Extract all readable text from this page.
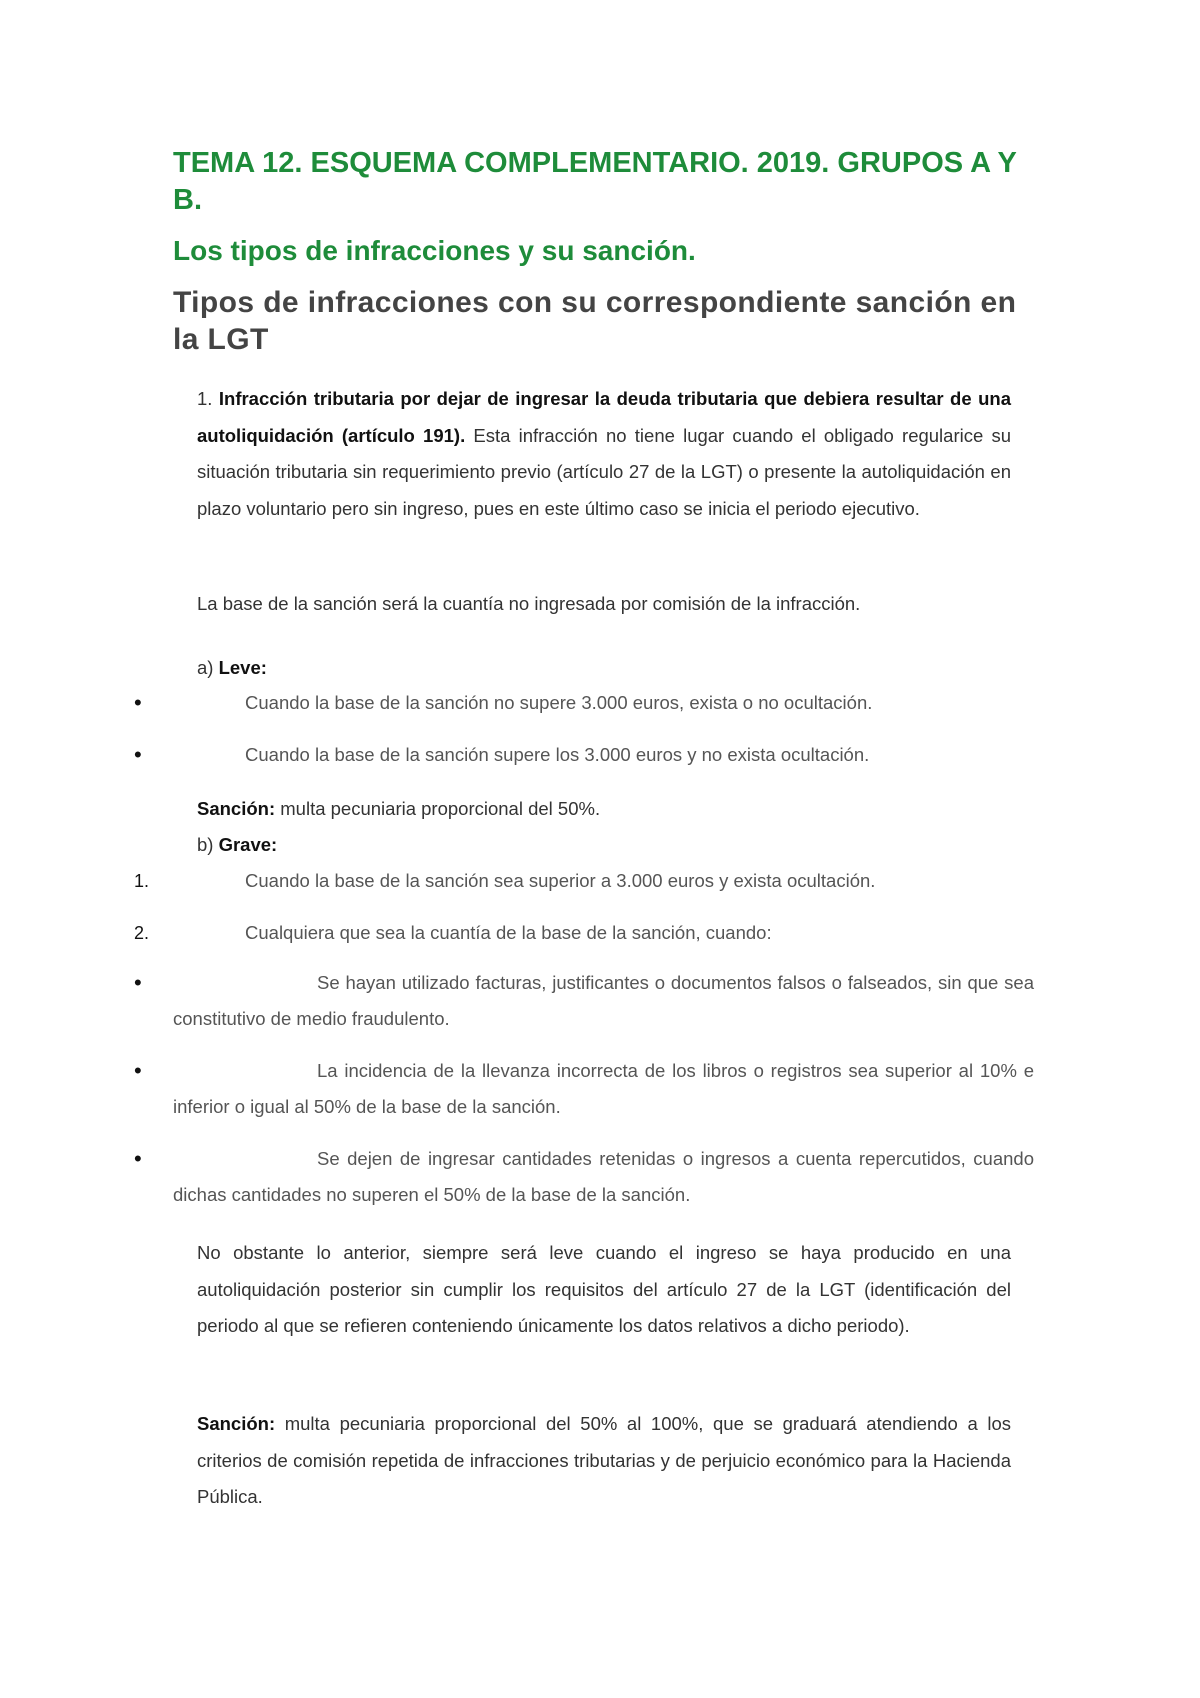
TEMA 12. ESQUEMA COMPLEMENTARIO. 2019. GRUPOS A Y B.
Los tipos de infracciones y su sanción.
Tipos de infracciones con su correspondiente sanción en la LGT

1. Infracción tributaria por dejar de ingresar la deuda tributaria que debiera resultar de una autoliquidación (artículo 191). Esta infracción no tiene lugar cuando el obligado regularice su situación tributaria sin requerimiento previo (artículo 27 de la LGT) o presente la autoliquidación en plazo voluntario pero sin ingreso, pues en este último caso se inicia el periodo ejecutivo.

La base de la sanción será la cuantía no ingresada por comisión de la infracción.

a) Leve:

•	Cuando la base de la sanción no supere 3.000 euros, exista o no ocultación.

•	Cuando la base de la sanción supere los 3.000 euros y no exista ocultación.

Sanción: multa pecuniaria proporcional del 50%.

b) Grave:

1.	Cuando la base de la sanción sea superior a 3.000 euros y exista ocultación.

2.	Cualquiera que sea la cuantía de la base de la sanción, cuando:

•	Se hayan utilizado facturas, justificantes o documentos falsos o falseados, sin que sea constitutivo de medio fraudulento.

•	La incidencia de la llevanza incorrecta de los libros o registros sea superior al 10% e inferior o igual al 50% de la base de la sanción.

•	Se dejen de ingresar cantidades retenidas o ingresos a cuenta repercutidos, cuando dichas cantidades no superen el 50% de la base de la sanción.

No obstante lo anterior, siempre será leve cuando el ingreso se haya producido en una autoliquidación posterior sin cumplir los requisitos del artículo 27 de la LGT (identificación del periodo al que se refieren conteniendo únicamente los datos relativos a dicho periodo).

Sanción: multa pecuniaria proporcional del 50% al 100%, que se graduará atendiendo a los criterios de comisión repetida de infracciones tributarias y de perjuicio económico para la Hacienda Pública.
